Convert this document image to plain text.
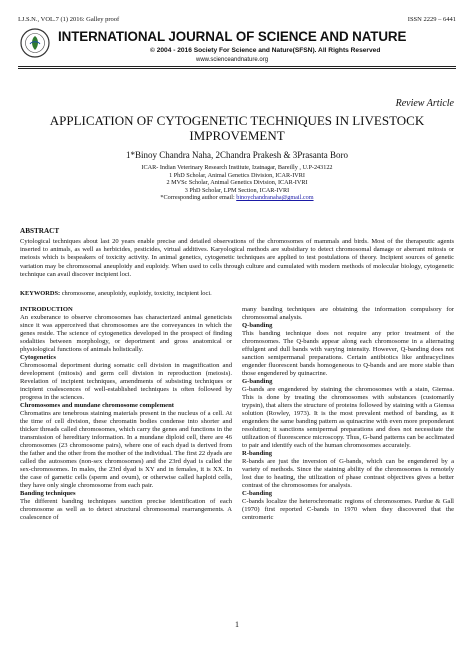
I.J.S.N., VOL.7 (1) 2016: Galley proof	ISSN 2229 – 6441
INTERNATIONAL JOURNAL OF SCIENCE AND NATURE
© 2004 - 2016 Society For Science and Nature(SFSN). All Rights Reserved
www.scienceandnature.org
Review Article
APPLICATION OF CYTOGENETIC TECHNIQUES IN LIVESTOCK
IMPROVEMENT
1*Binoy Chandra Naha, 2Chandra Prakesh & 3Prasanta Boro
ICAR- Indian Veterinary Research Institute, Izatnagar, Bareilly , U.P-243122
1 PhD Scholar, Animal Genetics Division, ICAR-IVRI
2 MVSc Scholar, Animal Genetics Division, ICAR-IVRI
3 PhD Scholar, LPM Section, ICAR-IVRI
*Corresponding author email: binoychandranaha@gmail.com
ABSTRACT
Cytological techniques about last 20 years enable precise and detailed observations of the chromosomes of mammals and birds. Most of the therapeutic agents inserted to animals, as well as herbicides, pesticides, virtual additives. Karyological methods are subsidiary to detect chromosomal damage or aberrant mitosis or meiosis which is bespeakers of toxicity activity. In animal genetics, cytogenetic techniques are applied to test postulations of theory. Incipient sources of genetic variation may be chromosomal aneuploidy and euploidy. When used to cells through culture and cumulated with modern methods of molecular biology, cytogenetic technique can avail discover incipient loci.
KEYWORDS: chromosome, aneuploidy, euploidy, toxicity, incipient loci.

INTRODUCTION

An exuberance to observe chromosomes has characterized animal geneticists since it was apperceived that chromosomes are the conveyances in which the genes reside. The science of cytogenetics developed in the prospect of finding sodalities between morphology, or deportment and gross anatomical or physiological functions of animals holistically.

Cytogenetics

Chromosomal deportment during somatic cell division in magnification and development (mitosis) and germ cell division in reproduction (meiosis). Revelation of incipient techniques, amendments of subsisting techniques or incipient coalescences of well-established techniques is often followed by progress in the sciences.

Chromosomes and mundane chromosome complement

Chromatins are tenebrous staining materials present in the nucleus of a cell. At the time of cell division, these chromatin bodies condense into shorter and thicker threads called chromosomes, which carry the genes and functions in the transmission of hereditary information. In a mundane diploid cell, there are 46 chromosomes (23 chromosome pairs), where one of each dyad is derived from the father and the other from the mother of the individual. The first 22 dyads are called the autosomes (non-sex chromosomes) and the 23rd dyad is called the sex-chromosomes. In males, the 23rd dyad is XY and in females, it is XX. In the case of gametic cells (sperm and ovum), or otherwise called haploid cells, they have only single chromosome from each pair.

Banding techniques

The different banding techniques sanction precise identification of each chromosome as well as to detect structural chromosomal rearrangements. A coalescence of

many banding techniques are obtaining the information compulsory for chromosomal analysis.

Q-banding

This banding technique does not require any prior treatment of the chromosomes. The Q-bands appear along each chromosome in a alternating effulgent and dull bands with varying intensity. However, Q-banding does not sanction semipermanal preparations. Certain antibiotics like anthracyclines engender fluorescent bands homogeneous to Q-bands and are more stable than those engendered by quinacrine.

G-banding

G-bands are engendered by staining the chromosomes with a stain, Giemsa. This is done by treating the chromosomes with substances (customarily trypsin), that alters the structure of proteins followed by staining with a Giemsa solution (Rowley, 1973). It is the most prevalent method of banding, as it engenders the same banding pattern as quinacrine with even more preponderant resolution; it sanctions semipermal preparations and does not necessitate the utilization of fluorescence microscopy. Thus, G-band patterns can be acclimated to pair and identify each of the human chromosomes accurately.

R-banding

R-bands are just the inversion of G-bands, which can be engendered by a variety of methods. Since the staining ability of the chromosomes is remotely lost due to heating, the utilization of phase contrast objectives gives a better contrast of the chromosomes for analysis.

C-banding

C-bands localize the heterochromatic regions of chromosomes. Pardue & Gall (1970) first reported C-bands in 1970 when they discovered that the centromeric

1
